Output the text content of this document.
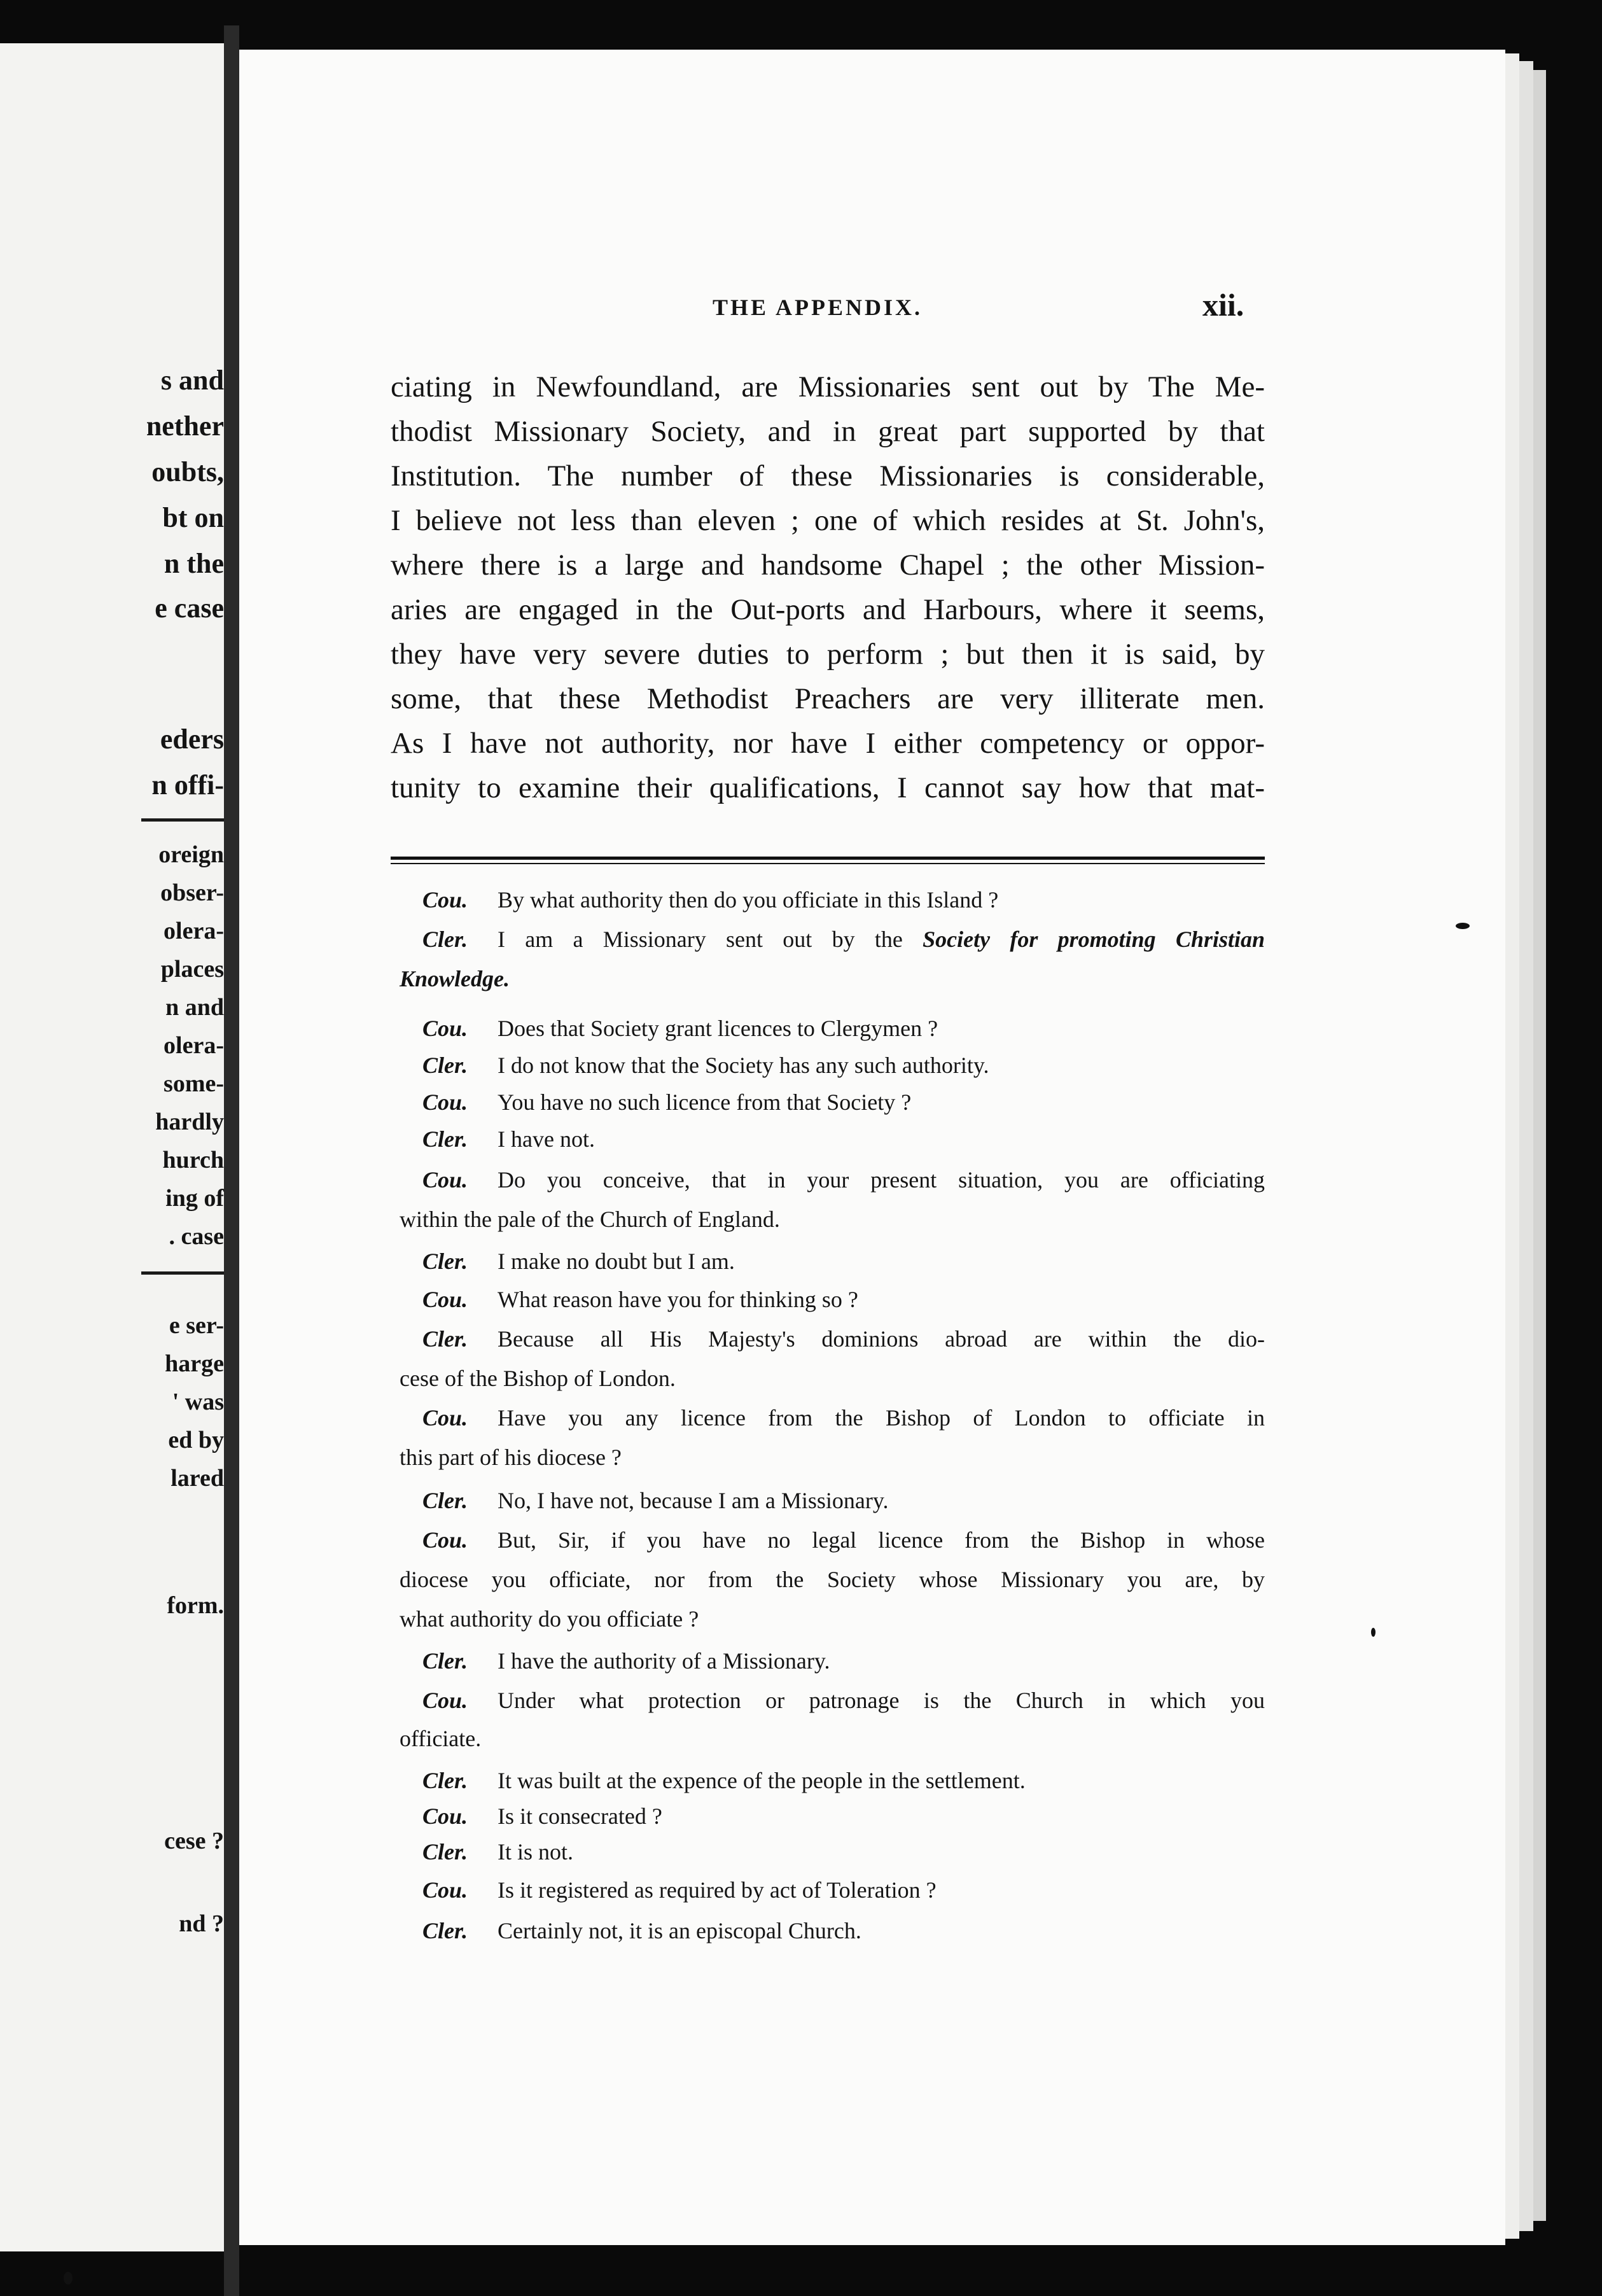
s and
nether
oubts,
bt on
n the
e case
eders
n offi-
oreign
obser-
olera-
places
n and
olera-
some-
hardly
hurch
ing of
. case
e ser-
harge
' was
ed by
lared
form.
cese ?
nd ?
THE APPENDIX.	xii.
ciating in Newfoundland, are Missionaries sent out by The Me-
thodist Missionary Society, and in great part supported by that
Institution. The number of these Missionaries is considerable,
I believe not less than eleven ; one of which resides at St. John's,
where there is a large and handsome Chapel ; the other Mission-
aries are engaged in the Out-ports and Harbours, where it seems,
they have very severe duties to perform ; but then it is said, by
some, that these Methodist Preachers are very illiterate men.
As I have not authority, nor have I either competency or oppor-
tunity to examine their qualifications, I cannot say how that mat-
Cou. By what authority then do you officiate in this Island ?
Cler. I am a Missionary sent out by the Society for promoting Christian
Knowledge.
Cou. Does that Society grant licences to Clergymen ?
Cler. I do not know that the Society has any such authority.
Cou. You have no such licence from that Society ?
Cler. I have not.
Cou. Do you conceive, that in your present situation, you are officiating
within the pale of the Church of England.
Cler. I make no doubt but I am.
Cou. What reason have you for thinking so ?
Cler. Because all His Majesty's dominions abroad are within the dio-
cese of the Bishop of London.
Cou. Have you any licence from the Bishop of London to officiate in
this part of his diocese ?
Cler. No, I have not, because I am a Missionary.
Cou. But, Sir, if you have no legal licence from the Bishop in whose
diocese you officiate, nor from the Society whose Missionary you are, by
what authority do you officiate ?
Cler. I have the authority of a Missionary.
Cou. Under what protection or patronage is the Church in which you
officiate.
Cler. It was built at the expence of the people in the settlement.
Cou. Is it consecrated ?
Cler. It is not.
Cou. Is it registered as required by act of Toleration ?
Cler. Certainly not, it is an episcopal Church.
